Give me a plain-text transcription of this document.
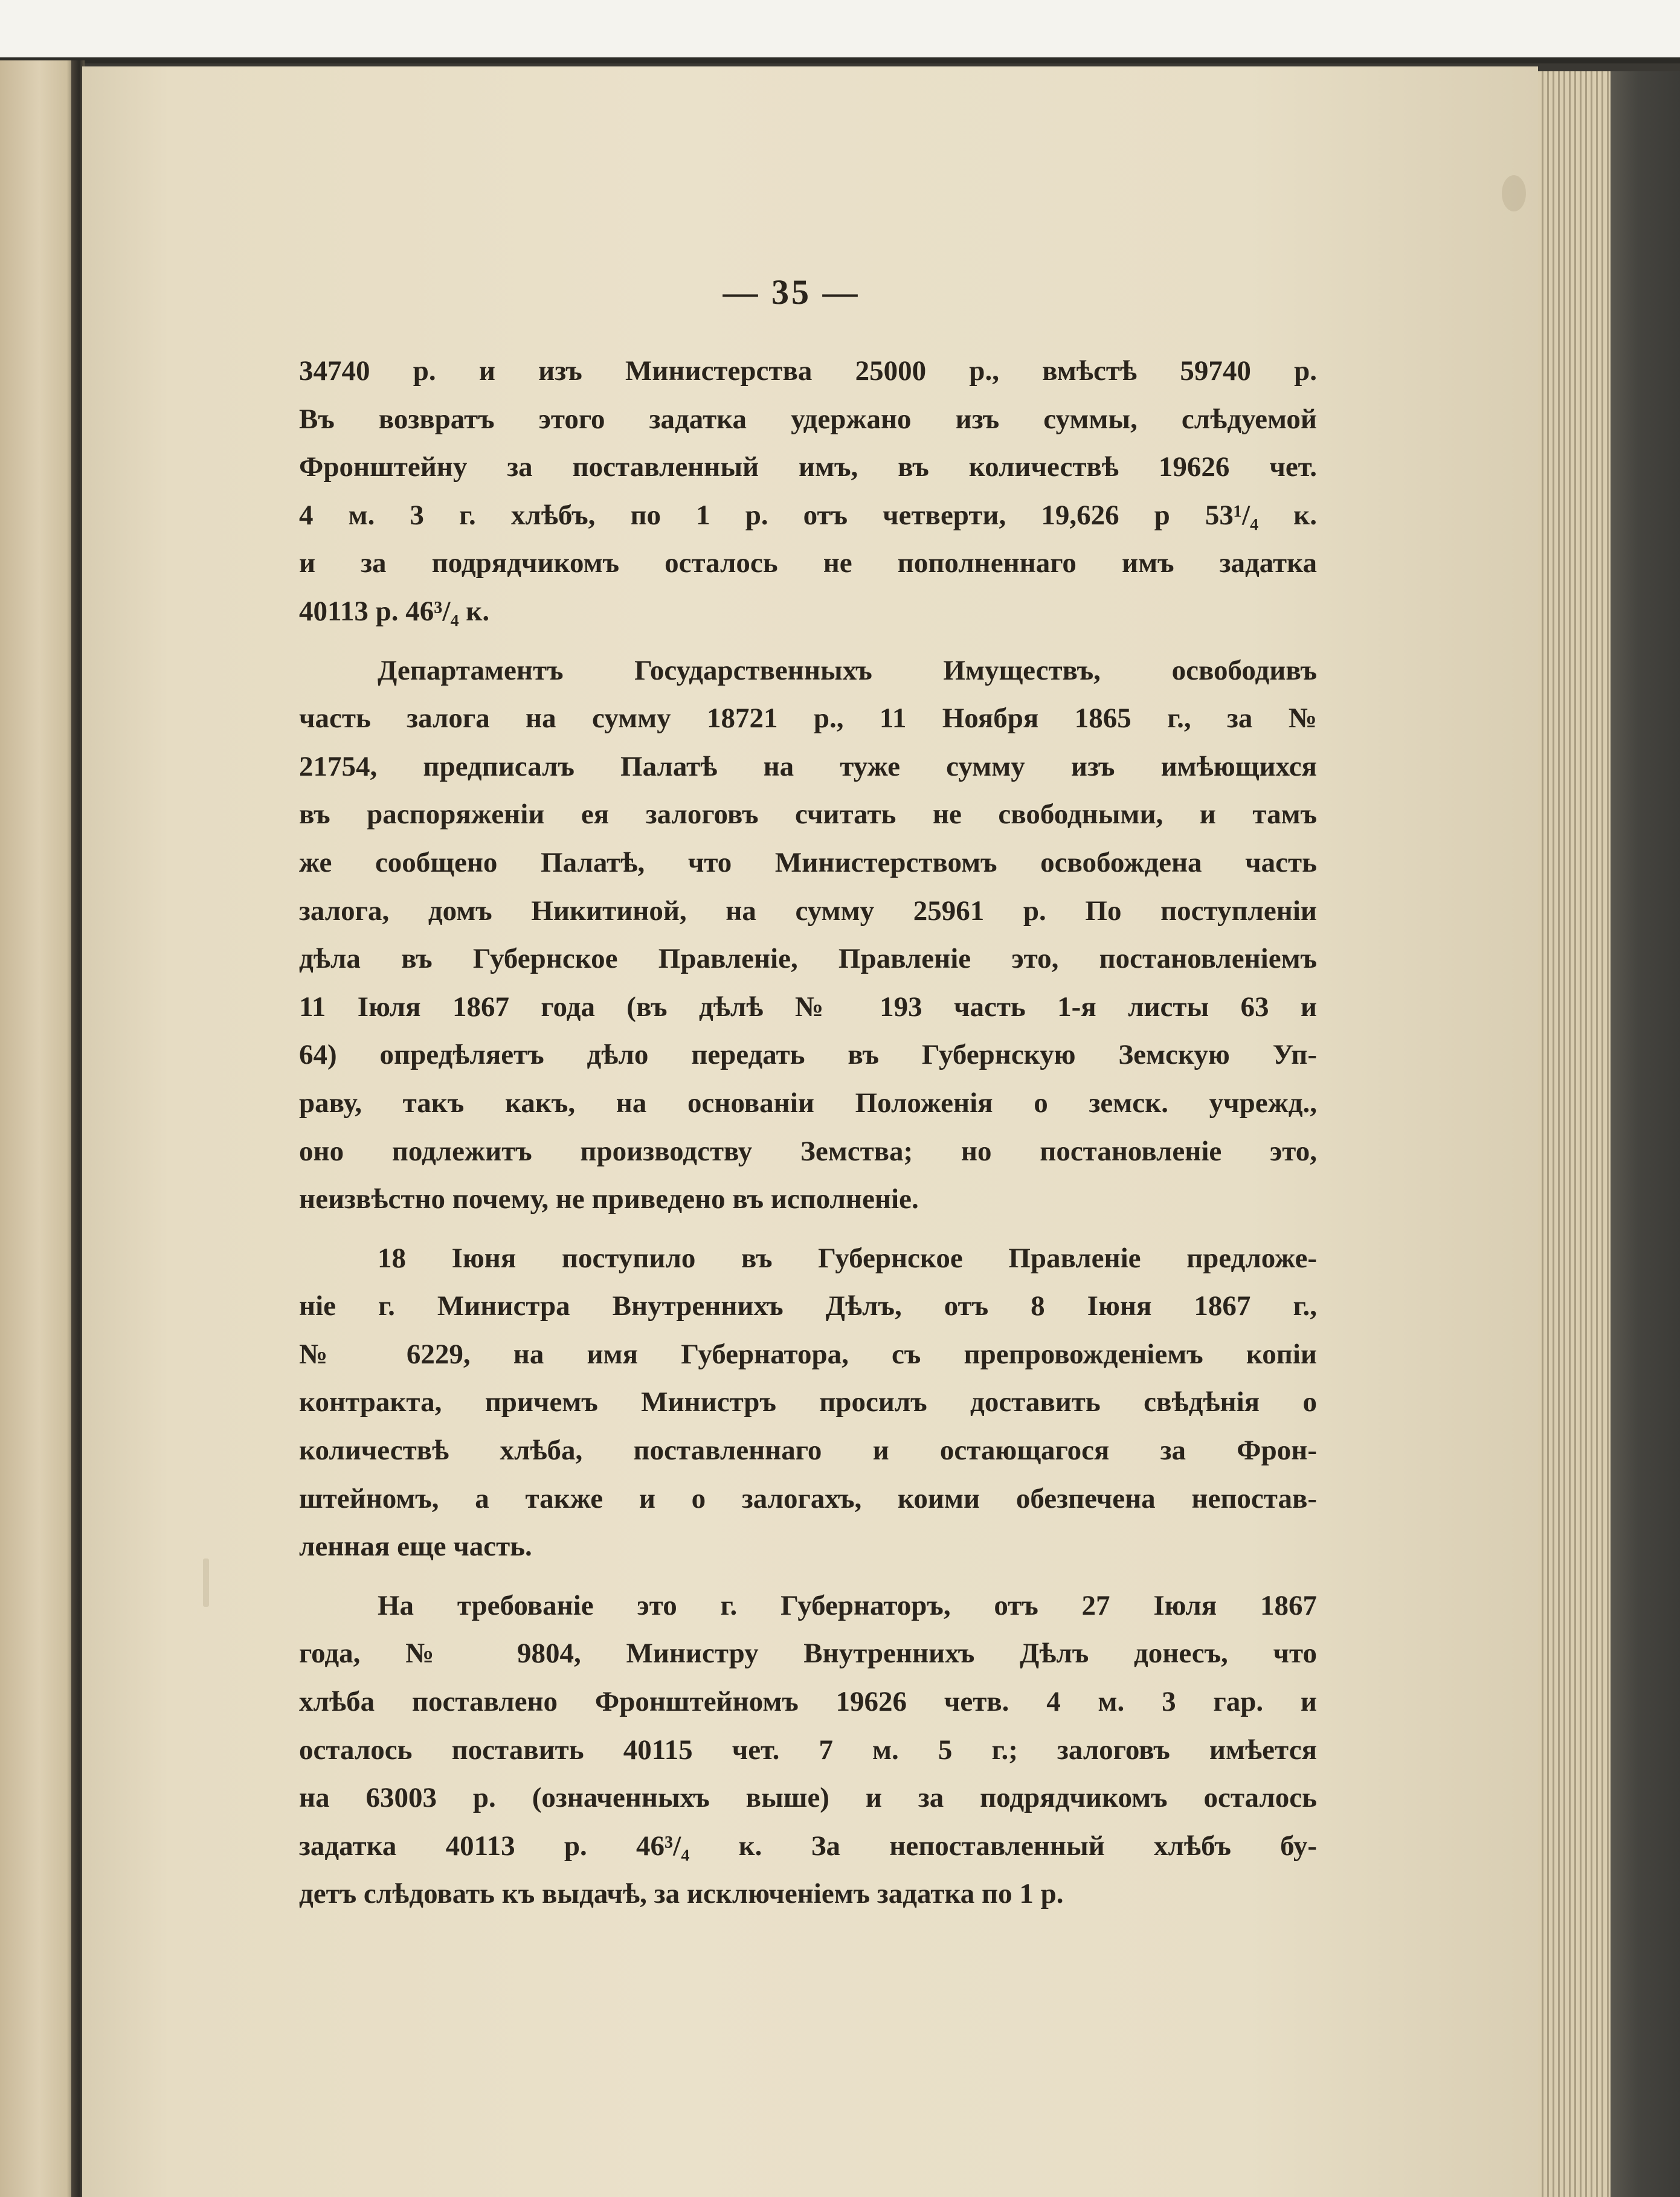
— 35 —
34740 р. и изъ Министерства 25000 р., вмѣстѣ 59740 р.
Въ возвратъ этого задатка удержано изъ суммы, слѣдуемой
Фронштейну за поставленный имъ, въ количествѣ 19626 чет.
4 м. 3 г. хлѣбъ, по 1 р. отъ четверти, 19,626 р 53¹/₄ к.
и за подрядчикомъ осталось не пополненнаго имъ задатка
40113 р. 46³/₄ к.
Департаментъ Государственныхъ Имуществъ, освободивъ
часть залога на сумму 18721 р., 11 Ноября 1865 г., за №
21754, предписалъ Палатѣ на туже сумму изъ имѣющихся
въ распоряженіи ея залоговъ считать не свободными, и тамъ
же сообщено Палатѣ, что Министерствомъ освобождена часть
залога, домъ Никитиной, на сумму 25961 р. По поступленіи
дѣла въ Губернское Правленіе, Правленіе это, постановленіемъ
11 Іюля 1867 года (въ дѣлѣ № 193 часть 1-я листы 63 и
64) опредѣляетъ дѣло передать въ Губернскую Земскую Уп-
раву, такъ какъ, на основаніи Положенія о земск. учрежд.,
оно подлежитъ производству Земства; но постановленіе это,
неизвѣстно почему, не приведено въ исполненіе.
18 Іюня поступило въ Губернское Правленіе предложе-
ніе г. Министра Внутреннихъ Дѣлъ, отъ 8 Іюня 1867 г.,
№ 6229, на имя Губернатора, съ препровожденіемъ копіи
контракта, причемъ Министръ просилъ доставить свѣдѣнія о
количествѣ хлѣба, поставленнаго и остающагося за Фрон-
штейномъ, а также и о залогахъ, коими обезпечена непостав-
ленная еще часть.
На требованіе это г. Губернаторъ, отъ 27 Іюля 1867
года, № 9804, Министру Внутреннихъ Дѣлъ донесъ, что
хлѣба поставлено Фронштейномъ 19626 четв. 4 м. 3 гар. и
осталось поставить 40115 чет. 7 м. 5 г.; залоговъ имѣется
на 63003 р. (означенныхъ выше) и за подрядчикомъ осталось
задатка 40113 р. 46³/₄ к. За непоставленный хлѣбъ бу-
детъ слѣдовать къ выдачѣ, за исключеніемъ задатка по 1 р.
